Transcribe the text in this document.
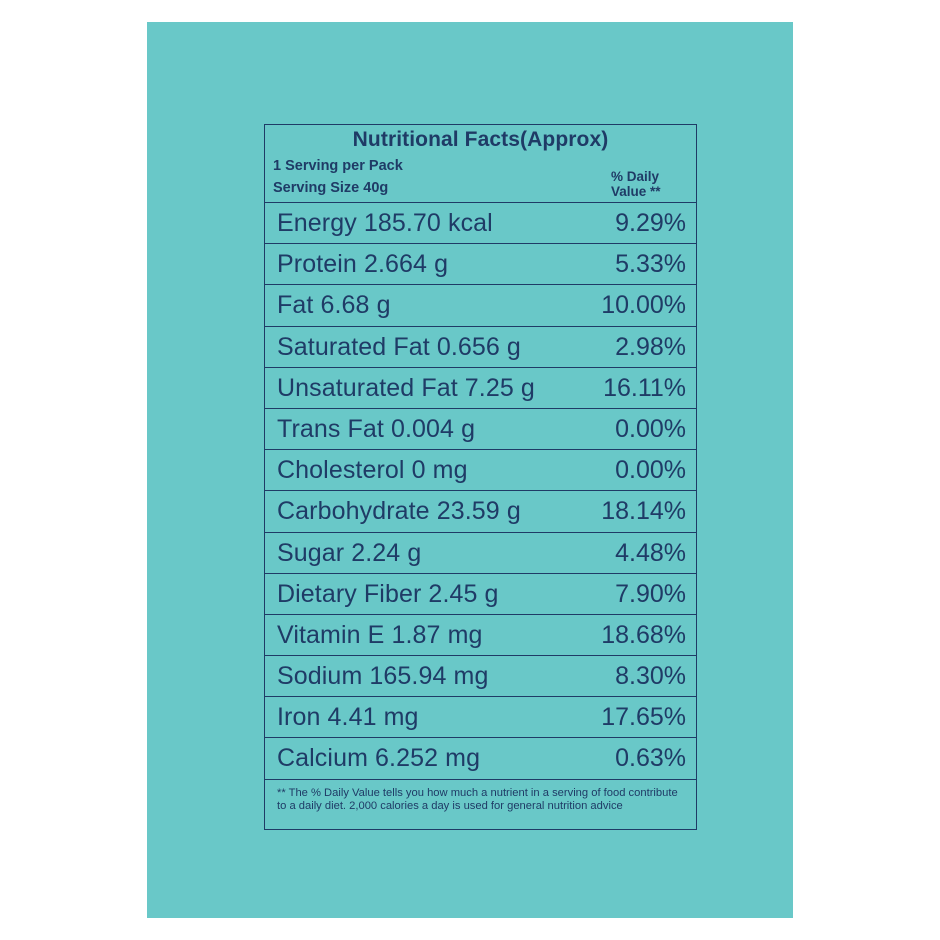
Nutritional Facts(Approx)
1 Serving per Pack
Serving Size 40g
% Daily
Value **
Energy 185.70 kcal	9.29%
Protein 2.664 g	5.33%
Fat 6.68 g	10.00%
Saturated Fat 0.656 g	2.98%
Unsaturated Fat 7.25 g	16.11%
Trans Fat 0.004 g	0.00%
Cholesterol 0 mg	0.00%
Carbohydrate 23.59 g	18.14%
Sugar 2.24 g	4.48%
Dietary Fiber 2.45 g	7.90%
Vitamin E 1.87 mg	18.68%
Sodium 165.94 mg	8.30%
Iron 4.41 mg	17.65%
Calcium 6.252 mg	0.63%
** The % Daily Value tells you how much a nutrient in a serving of food contribute to a daily diet. 2,000 calories a day is used for general nutrition advice
